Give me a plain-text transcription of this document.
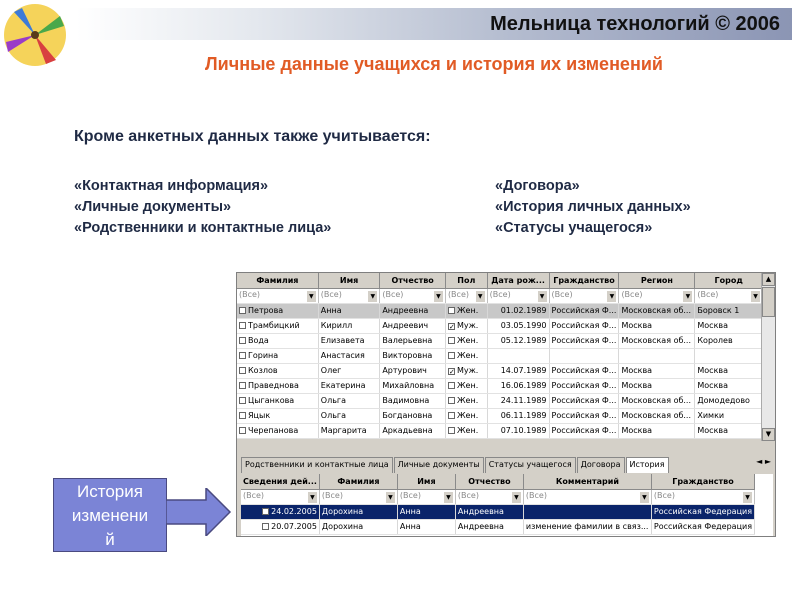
Мельница технологий © 2006
Личные данные учащихся и история их изменений
Кроме анкетных данных также учитывается:
«Контактная информация»
«Личные документы»
«Родственники и контактные лица»
«Договора»
«История личных данных»
«Статусы учащегося»
Фамилия	Имя	Отчество	Пол	Дата рож...	Гражданство	Регион	Город
(Все) ▼	(Все) ▼	(Все) ▼	(Все) ▼	(Все) ▼	(Все) ▼	(Все) ▼	(Все) ▼

Петрова	Анна	Андреевна	Жен.	01.02.1989	Российская Ф...	Московская об...	Боровск 1
Трамбицкий	Кирилл	Андреевич	✓ Муж.	03.05.1990	Российская Ф...	Москва	Москва
Вода	Елизавета	Валерьевна	Жен.	05.12.1989	Российская Ф...	Московская об...	Королев
Горина	Анастасия	Викторовна	Жен.				
Козлов	Олег	Артурович	✓ Муж.	14.07.1989	Российская Ф...	Москва	Москва
Праведнова	Екатерина	Михайловна	Жен.	16.06.1989	Российская Ф...	Москва	Москва
Цыганкова	Ольга	Вадимовна	Жен.	24.11.1989	Российская Ф...	Московская об...	Домодедово
Яцык	Ольга	Богдановна	Жен.	06.11.1989	Российская Ф...	Московская об...	Химки
Черепанова	Маргарита	Аркадьевна	Жен.	07.10.1989	Российская Ф...	Москва	Москва
▲
▼
Родственники и контактные лица	Личные документы	Статусы учащегося	Договора	История	◄ ►
Сведения дей...	Фамилия	Имя	Отчество	Комментарий	Гражданство
(Все) ▼	(Все) ▼	(Все) ▼	(Все) ▼	(Все) ▼	(Все) ▼

24.02.2005	Дорохина	Анна	Андреевна		Российская Федерация
20.07.2005	Дорохина	Анна	Андреевна	изменение фамилии в связ...	Российская Федерация
История
изменени
й
